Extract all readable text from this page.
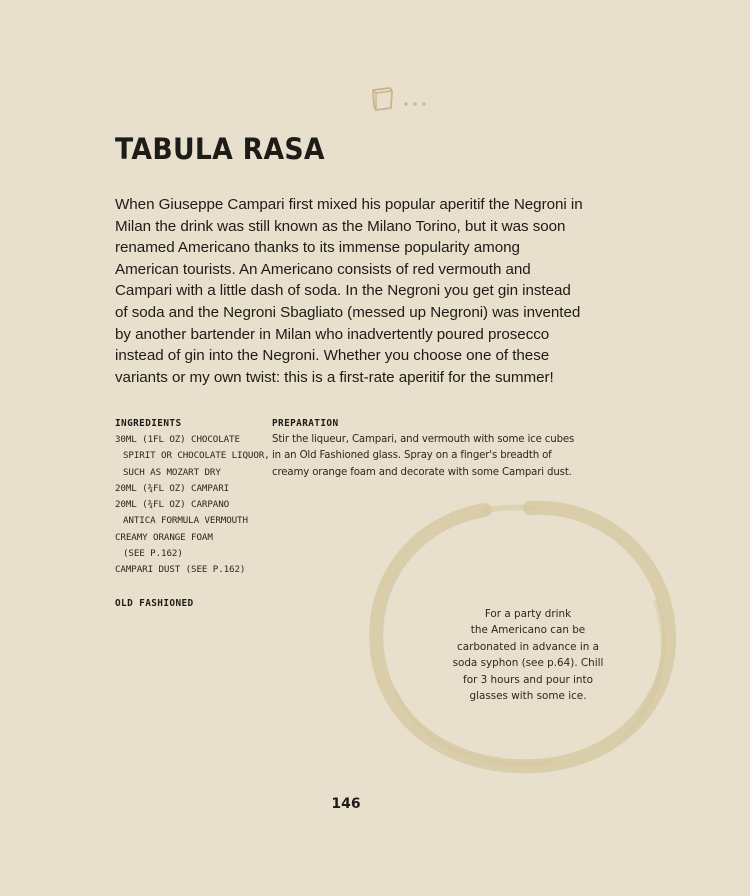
TABULA RASA

When Giuseppe Campari first mixed his popular aperitif the Negroni in Milan the drink was still known as the Milano Torino, but it was soon renamed Americano thanks to its immense popularity among American tourists. An Americano consists of red vermouth and Campari with a little dash of soda. In the Negroni you get gin instead of soda and the Negroni Sbagliato (messed up Negroni) was invented by another bartender in Milan who inadvertently poured prosecco instead of gin into the Negroni. Whether you choose one of these variants or my own twist: this is a first-rate aperitif for the summer!

INGREDIENTS
30ML (1FL OZ) CHOCOLATE
SPIRIT OR CHOCOLATE LIQUOR,
SUCH AS MOZART DRY
20ML (¾FL OZ) CAMPARI
20ML (¾FL OZ) CARPANO
ANTICA FORMULA VERMOUTH
CREAMY ORANGE FOAM
(SEE P.162)
CAMPARI DUST (SEE P.162)
OLD FASHIONED
PREPARATION

Stir the liqueur, Campari, and vermouth with some ice cubes in an Old Fashioned glass. Spray on a finger's breadth of creamy orange foam and decorate with some Campari dust.

For a party drink
the Americano can be
carbonated in advance in a
soda syphon (see p.64). Chill
for 3 hours and pour into
glasses with some ice.

146
